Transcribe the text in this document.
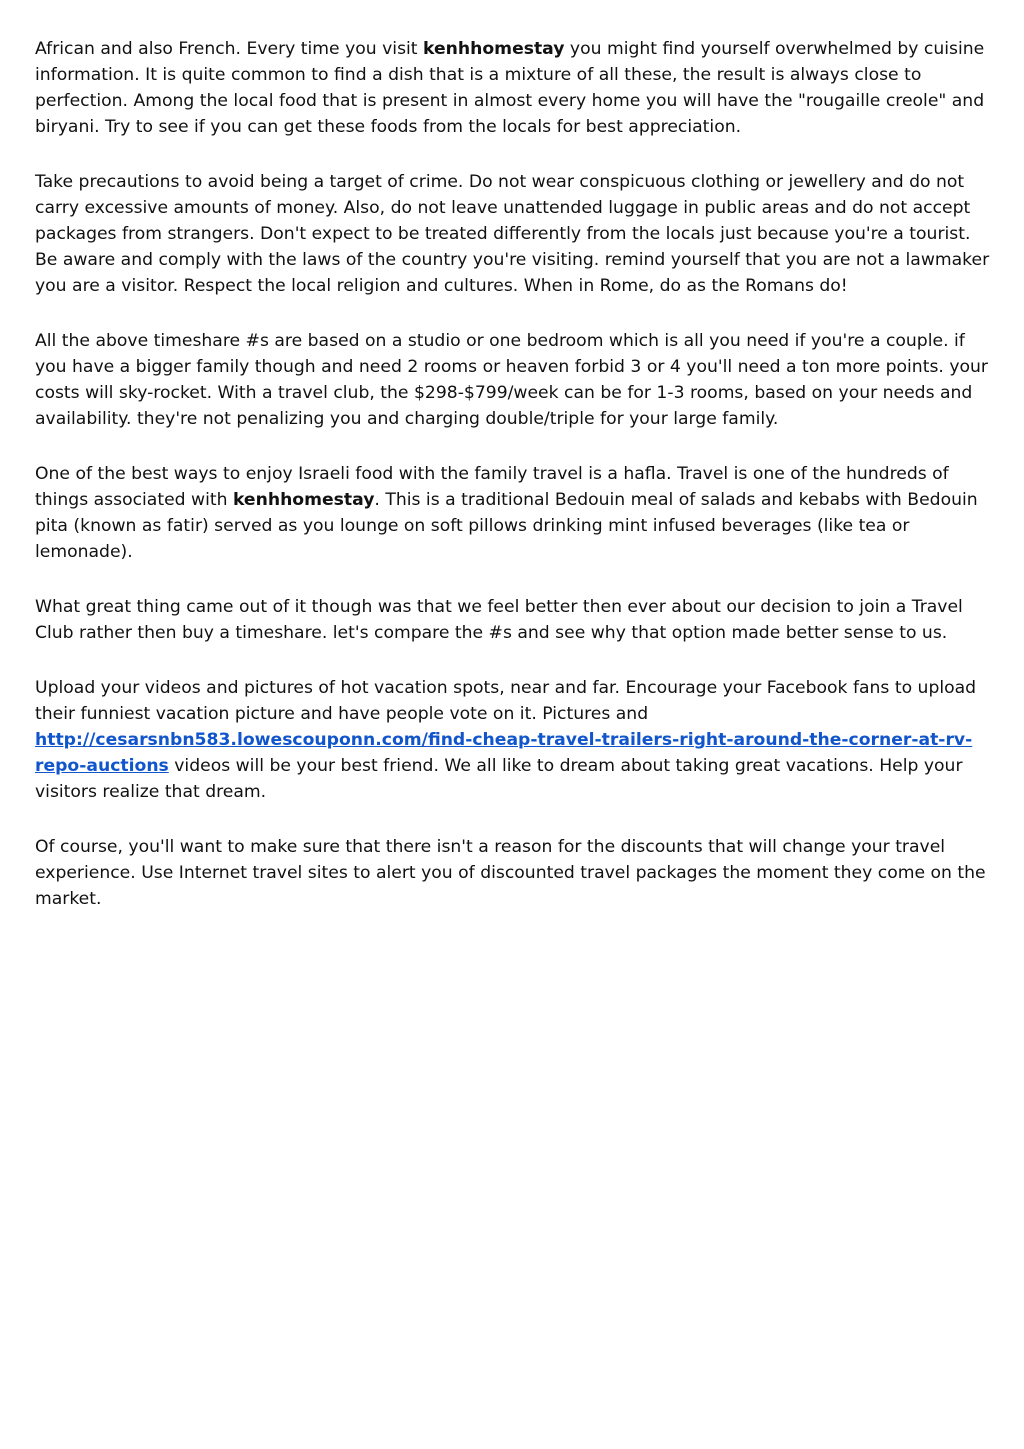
African and also French. Every time you visit kenhhomestay you might find yourself overwhelmed by cuisine information. It is quite common to find a dish that is a mixture of all these, the result is always close to perfection. Among the local food that is present in almost every home you will have the "rougaille creole" and biryani. Try to see if you can get these foods from the locals for best appreciation.

Take precautions to avoid being a target of crime. Do not wear conspicuous clothing or jewellery and do not carry excessive amounts of money. Also, do not leave unattended luggage in public areas and do not accept packages from strangers. Don't expect to be treated differently from the locals just because you're a tourist. Be aware and comply with the laws of the country you're visiting. remind yourself that you are not a lawmaker you are a visitor. Respect the local religion and cultures. When in Rome, do as the Romans do!

All the above timeshare #s are based on a studio or one bedroom which is all you need if you're a couple. if you have a bigger family though and need 2 rooms or heaven forbid 3 or 4 you'll need a ton more points. your costs will sky-rocket. With a travel club, the $298-$799/week can be for 1-3 rooms, based on your needs and availability. they're not penalizing you and charging double/triple for your large family.

One of the best ways to enjoy Israeli food with the family travel is a hafla. Travel is one of the hundreds of things associated with kenhhomestay. This is a traditional Bedouin meal of salads and kebabs with Bedouin pita (known as fatir) served as you lounge on soft pillows drinking mint infused beverages (like tea or lemonade).

What great thing came out of it though was that we feel better then ever about our decision to join a Travel Club rather then buy a timeshare. let's compare the #s and see why that option made better sense to us.

Upload your videos and pictures of hot vacation spots, near and far. Encourage your Facebook fans to upload their funniest vacation picture and have people vote on it. Pictures and http://cesarsnbn583.lowescouponn.com/find-cheap-travel-trailers-right-around-the-corner-at-rv-repo-auctions videos will be your best friend. We all like to dream about taking great vacations. Help your visitors realize that dream.

Of course, you'll want to make sure that there isn't a reason for the discounts that will change your travel experience. Use Internet travel sites to alert you of discounted travel packages the moment they come on the market.
